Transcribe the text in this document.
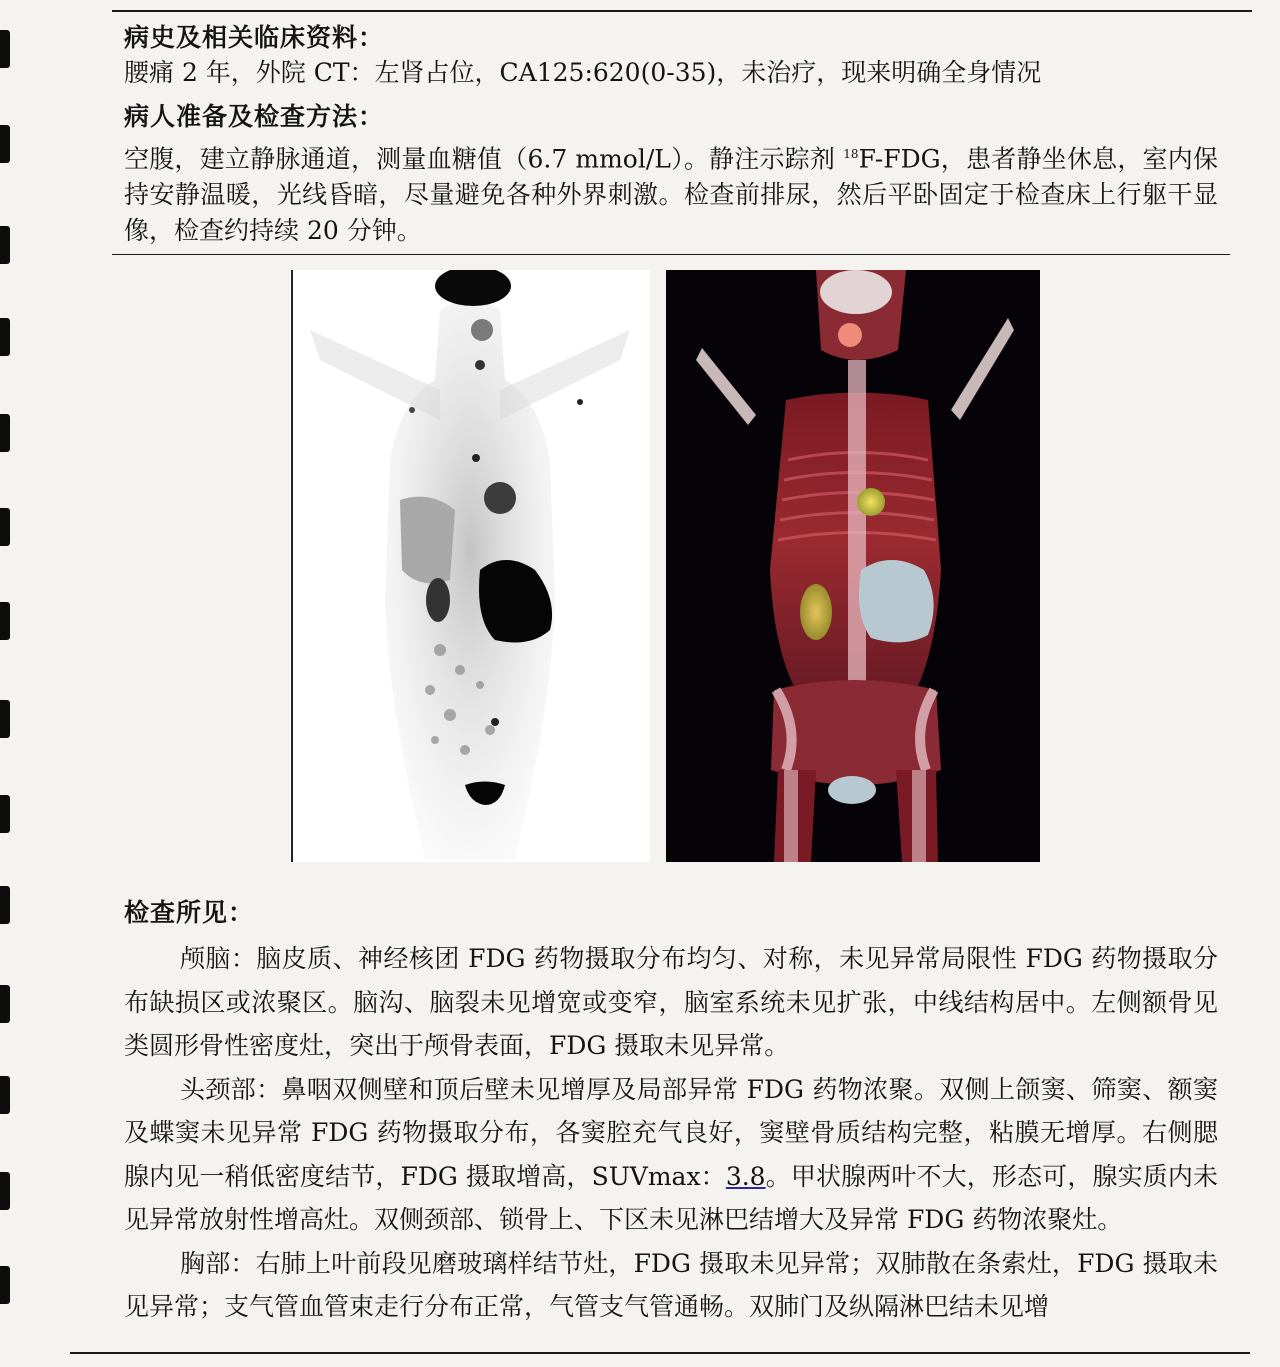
病史及相关临床资料：

腰痛 2 年，外院 CT：左肾占位，CA125:620(0-35)，未治疗，现来明确全身情况

病人准备及检查方法：

空腹，建立静脉通道，测量血糖值（6.7 mmol/L）。静注示踪剂 $^{18}$F-FDG，患者静坐休息，室内保持安静温暖，光线昏暗，尽量避免各种外界刺激。检查前排尿，然后平卧固定于检查床上行躯干显像，检查约持续 20 分钟。

检查所见：

颅脑：脑皮质、神经核团 FDG 药物摄取分布均匀、对称，未见异常局限性 FDG 药物摄取分布缺损区或浓聚区。脑沟、脑裂未见增宽或变窄，脑室系统未见扩张，中线结构居中。左侧额骨见类圆形骨性密度灶，突出于颅骨表面，FDG 摄取未见异常。

头颈部：鼻咽双侧壁和顶后壁未见增厚及局部异常 FDG 药物浓聚。双侧上颌窦、筛窦、额窦及蝶窦未见异常 FDG 药物摄取分布，各窦腔充气良好，窦壁骨质结构完整，粘膜无增厚。右侧腮腺内见一稍低密度结节，FDG 摄取增高，SUVmax：3.8。甲状腺两叶不大，形态可，腺实质内未见异常放射性增高灶。双侧颈部、锁骨上、下区未见淋巴结增大及异常 FDG 药物浓聚灶。

胸部：右肺上叶前段见磨玻璃样结节灶，FDG 摄取未见异常；双肺散在条索灶，FDG 摄取未见异常；支气管血管束走行分布正常，气管支气管通畅。双肺门及纵隔淋巴结未见增
